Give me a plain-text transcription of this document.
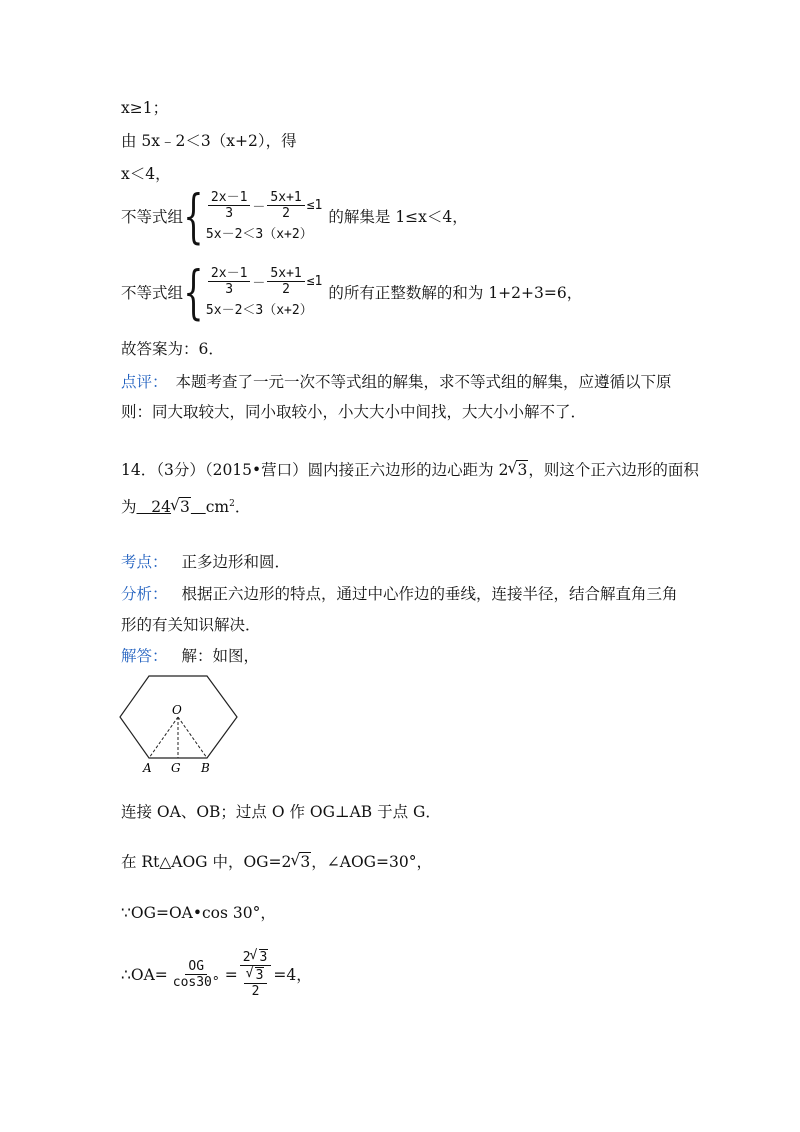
x≥1；
由 5x﹣2＜3（x+2），得
x＜4，
不等式组 { $\frac{2x-1}{3} - \frac{5x+1}{2} \le 1$
5x－2＜3（x+2）
的解集是 1≤x＜4，
不等式组 { $\frac{2x-1}{3} - \frac{5x+1}{2} \le 1$
5x－2＜3（x+2）
的所有正整数解的和为 1+2+3=6，
故答案为：6．
点评： 本题考查了一元一次不等式组的解集，求不等式组的解集，应遵循以下原
则：同大取较大，同小取较小，小大大小中间找，大大小小解不了．
14．（3分）（2015•营口）圆内接正六边形的边心距为 2 √ 3，则这个正六边形的面积
为   24 √ 3 $cm^2$．
考点： 正多边形和圆．
分析： 根据正六边形的特点，通过中心作边的垂线，连接半径，结合解直角三角
形的有关知识解决．
解答： 解：如图，
O
A G B
连接 OA、OB；过点 O 作 OG⊥AB 于点 G．
在 Rt△AOG 中，OG=2 √ 3，∠AOG=30°，
∵OG=OA•cos 30°，
∴OA= $\frac{OG}{\cos 30^\circ}$ =
2 √ 3
√ 3
2
=4，
